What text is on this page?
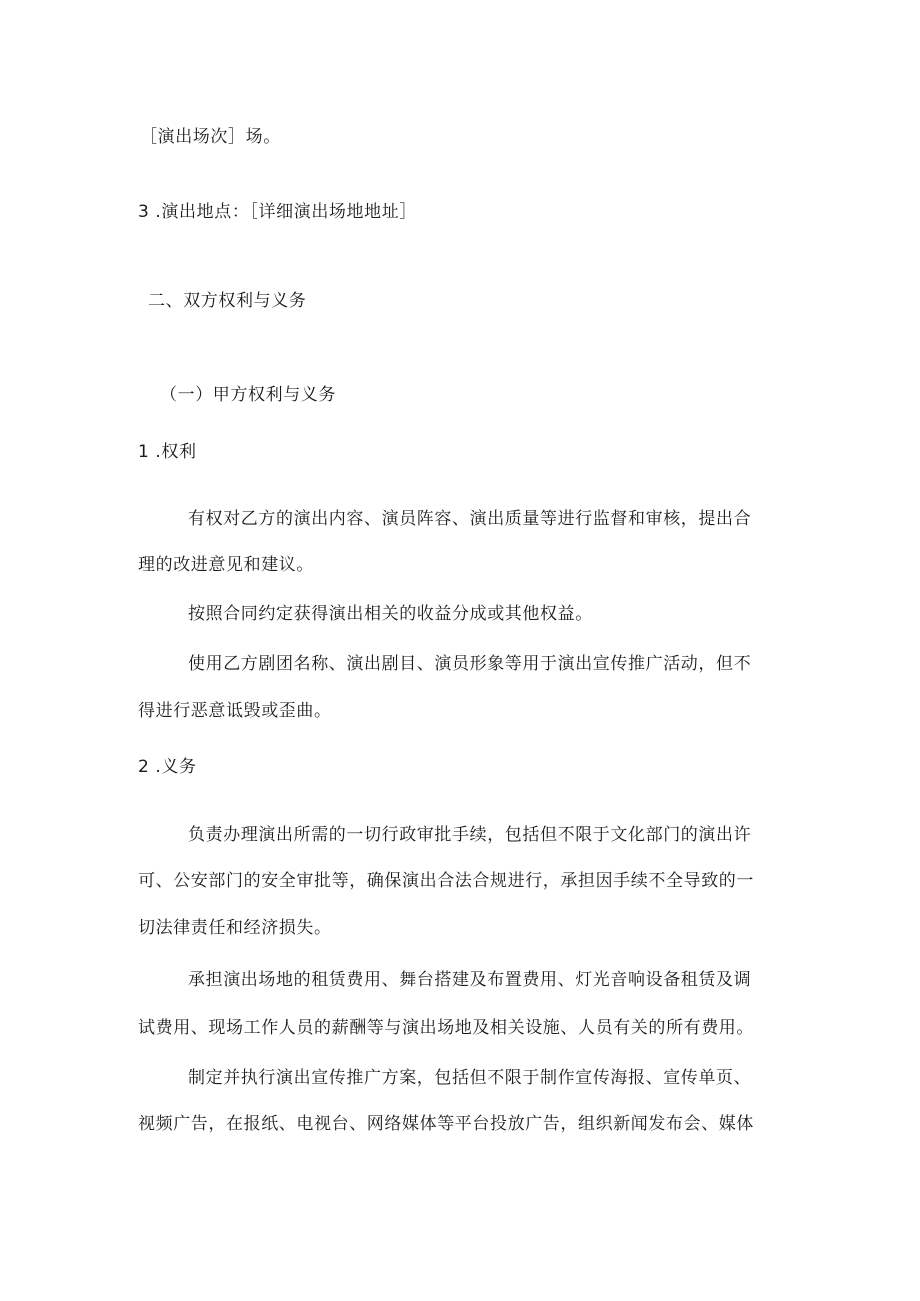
［演出场次］场。
3 .演出地点：［详细演出场地地址］
二、双方权利与义务
（一）甲方权利与义务
1 .权利
有权对乙方的演出内容、演员阵容、演出质量等进行监督和审核，提出合
理的改进意见和建议。
按照合同约定获得演出相关的收益分成或其他权益。
使用乙方剧团名称、演出剧目、演员形象等用于演出宣传推广活动，但不
得进行恶意诋毁或歪曲。
2 .义务
负责办理演出所需的一切行政审批手续，包括但不限于文化部门的演出许
可、公安部门的安全审批等，确保演出合法合规进行，承担因手续不全导致的一
切法律责任和经济损失。
承担演出场地的租赁费用、舞台搭建及布置费用、灯光音响设备租赁及调
试费用、现场工作人员的薪酬等与演出场地及相关设施、人员有关的所有费用。
制定并执行演出宣传推广方案，包括但不限于制作宣传海报、宣传单页、
视频广告，在报纸、电视台、网络媒体等平台投放广告，组织新闻发布会、媒体
